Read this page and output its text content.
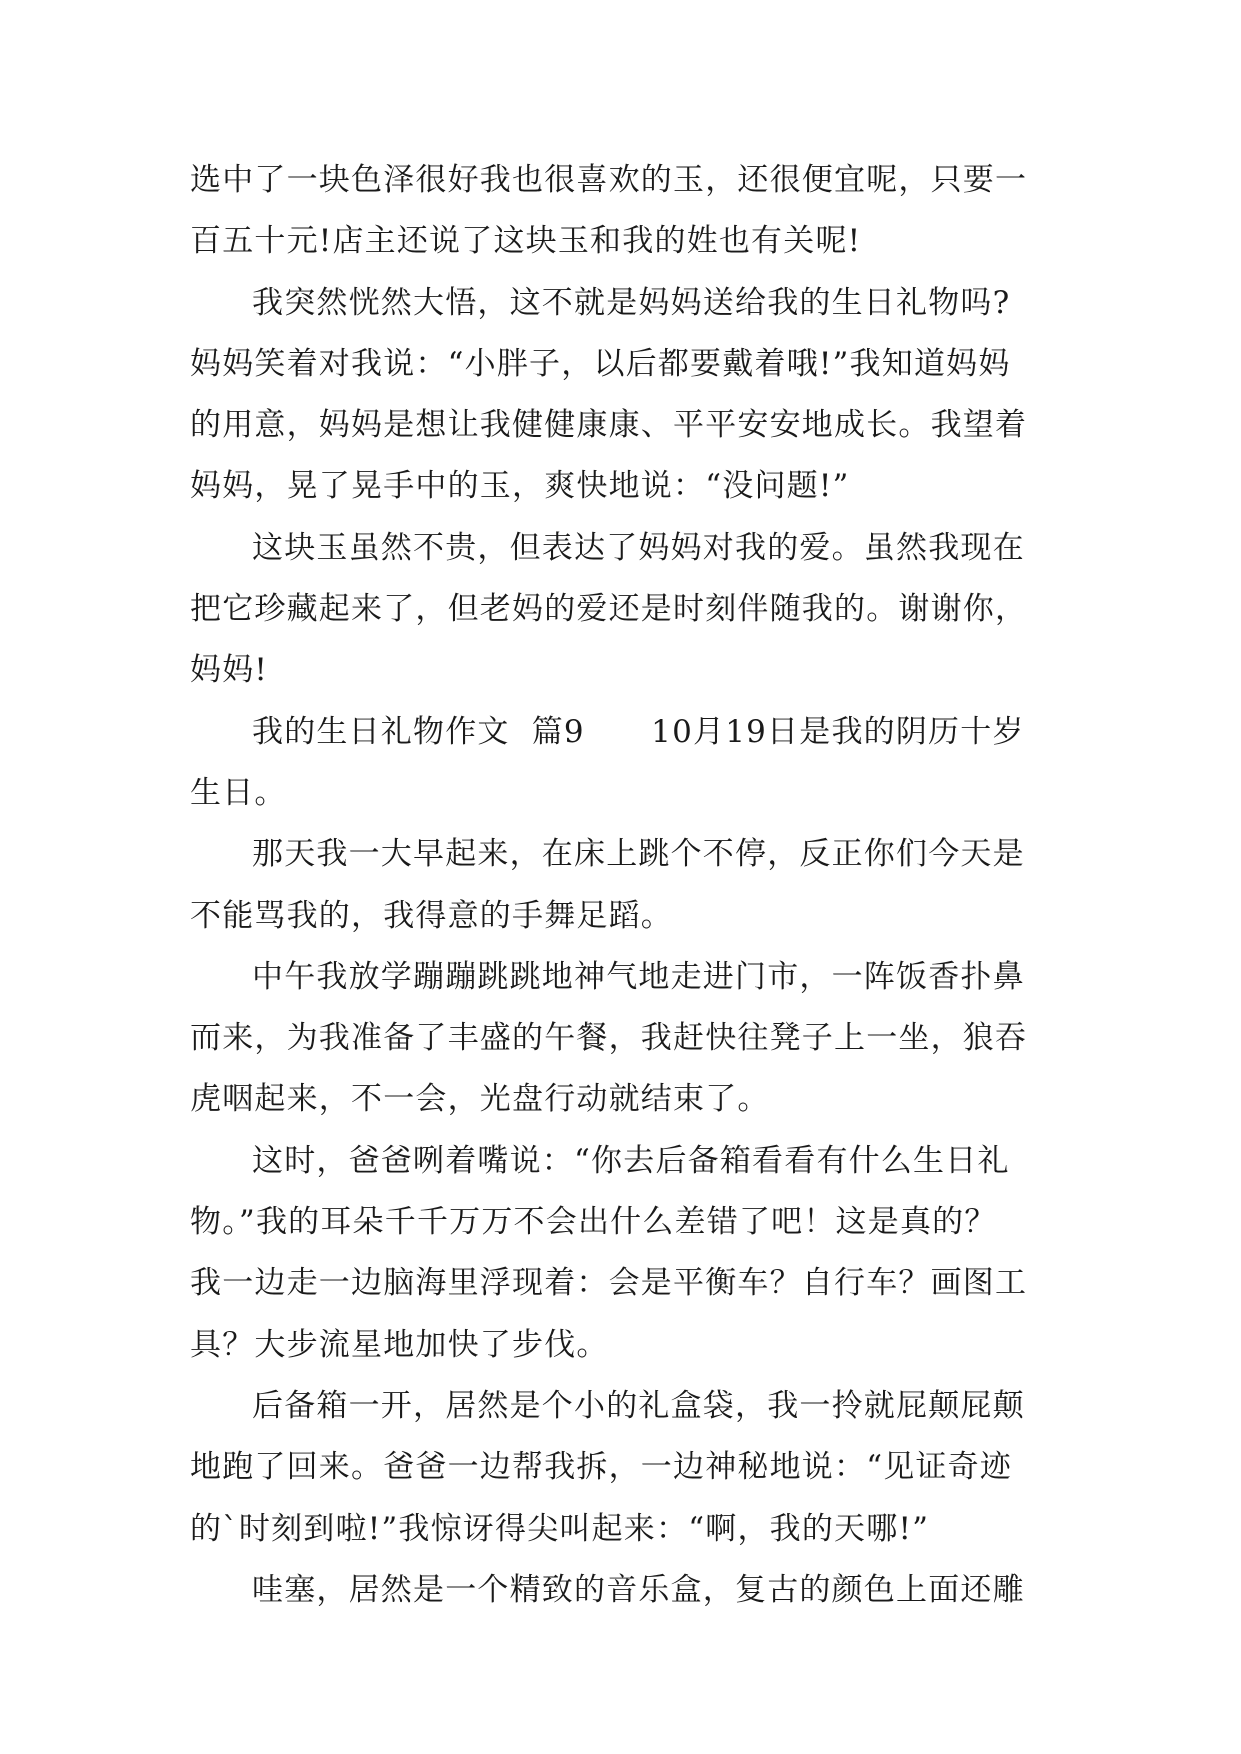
选中了一块色泽很好我也很喜欢的玉，还很便宜呢，只要一
百五十元!店主还说了这块玉和我的姓也有关呢!

我突然恍然大悟，这不就是妈妈送给我的生日礼物吗?
妈妈笑着对我说：“小胖子，以后都要戴着哦!”我知道妈妈
的用意，妈妈是想让我健健康康、平平安安地成长。我望着
妈妈，晃了晃手中的玉，爽快地说：“没问题!”

这块玉虽然不贵，但表达了妈妈对我的爱。虽然我现在
把它珍藏起来了，但老妈的爱还是时刻伴随我的。谢谢你，
妈妈!

我的生日礼物作文  篇9      10月19日是我的阴历十岁
生日。

那天我一大早起来，在床上跳个不停，反正你们今天是
不能骂我的，我得意的手舞足蹈。

中午我放学蹦蹦跳跳地神气地走进门市，一阵饭香扑鼻
而来，为我准备了丰盛的午餐，我赶快往凳子上一坐，狼吞
虎咽起来，不一会，光盘行动就结束了。

这时，爸爸咧着嘴说：“你去后备箱看看有什么生日礼
物。”我的耳朵千千万万不会出什么差错了吧！这是真的？
我一边走一边脑海里浮现着：会是平衡车？自行车？画图工
具？大步流星地加快了步伐。

后备箱一开，居然是个小的礼盒袋，我一拎就屁颠屁颠
地跑了回来。爸爸一边帮我拆，一边神秘地说：“见证奇迹
的`时刻到啦!”我惊讶得尖叫起来：“啊，我的天哪!”

哇塞，居然是一个精致的音乐盒，复古的颜色上面还雕
